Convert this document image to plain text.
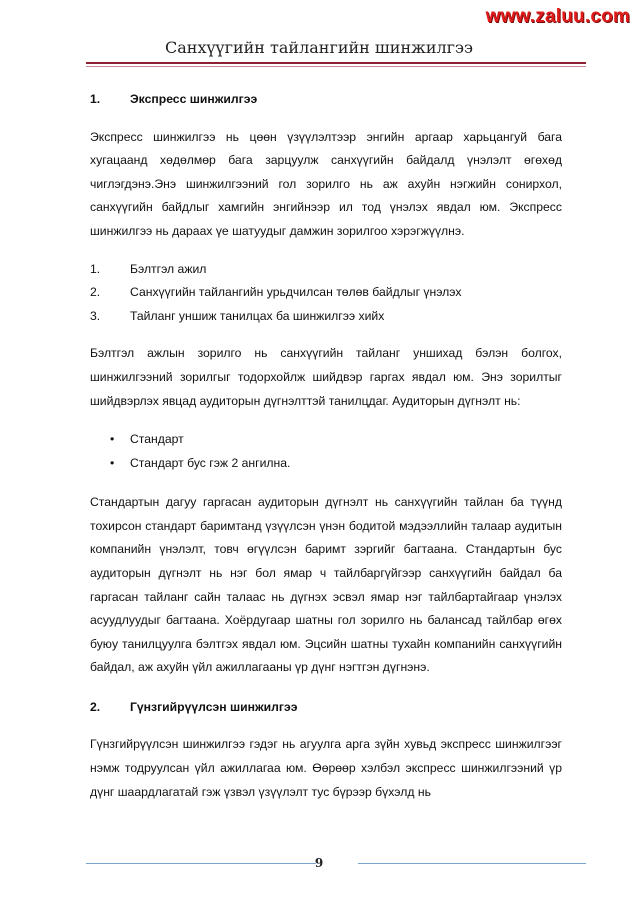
www.zaluu.com
Санхүүгийн тайлангийн шинжилгээ
1.	Экспресс шинжилгээ

Экспресс шинжилгээ нь цөөн үзүүлэлтээр энгийн аргаар харьцангуй бага хугацаанд хөдөлмөр бага зарцуулж санхүүгийн байдалд үнэлэлт өгөхөд чиглэгдэнэ.Энэ шинжилгээний гол зорилго нь аж ахуйн нэгжийн сонирхол, санхүүгийн байдлыг хамгийн энгийнээр ил тод үнэлэх явдал юм. Экспресс шинжилгээ нь дараах үе шатуудыг дамжин зорилгоо хэрэгжүүлнэ.

1.	Бэлтгэл ажил
2.	Санхүүгийн тайлангийн урьдчилсан төлөв байдлыг үнэлэх
3.	Тайланг уншиж танилцах ба шинжилгээ хийх

Бэлтгэл ажлын зорилго нь санхүүгийн тайланг уншихад бэлэн болгох, шинжилгээний зорилгыг тодорхойлж шийдвэр гаргах явдал юм. Энэ зорилтыг шийдвэрлэх явцад аудиторын дүгнэлттэй танилцдаг. Аудиторын дүгнэлт нь:

•	Стандарт
•	Стандарт бус гэж 2 ангилна.

Стандартын дагуу гаргасан аудиторын дүгнэлт нь санхүүгийн тайлан ба түүнд тохирсон стандарт баримтанд үзүүлсэн үнэн бодитой мэдээллийн талаар аудитын компанийн үнэлэлт, товч өгүүлсэн баримт зэргийг багтаана. Стандартын бус аудиторын дүгнэлт нь нэг бол ямар ч тайлбаргүйгээр санхүүгийн байдал ба гаргасан тайланг сайн талаас нь дүгнэх эсвэл ямар нэг тайлбартайгаар үнэлэх асуудлуудыг багтаана. Хоёрдугаар шатны гол зорилго нь балансад тайлбар өгөх буюу танилцуулга бэлтгэх явдал юм. Эцсийн шатны тухайн компанийн санхүүгийн байдал, аж ахуйн үйл ажиллагааны үр дүнг нэгтгэн дүгнэнэ.

2.	Гүнзгийрүүлсэн шинжилгээ

Гүнзгийрүүлсэн шинжилгээ гэдэг нь агуулга арга зүйн хувьд экспресс шинжилгээг нэмж тодруулсан үйл ажиллагаа юм. Өөрөөр хэлбэл экспресс шинжилгээний үр дүнг шаардлагатай гэж үзвэл үзүүлэлт тус бүрээр бүхэлд нь

9
